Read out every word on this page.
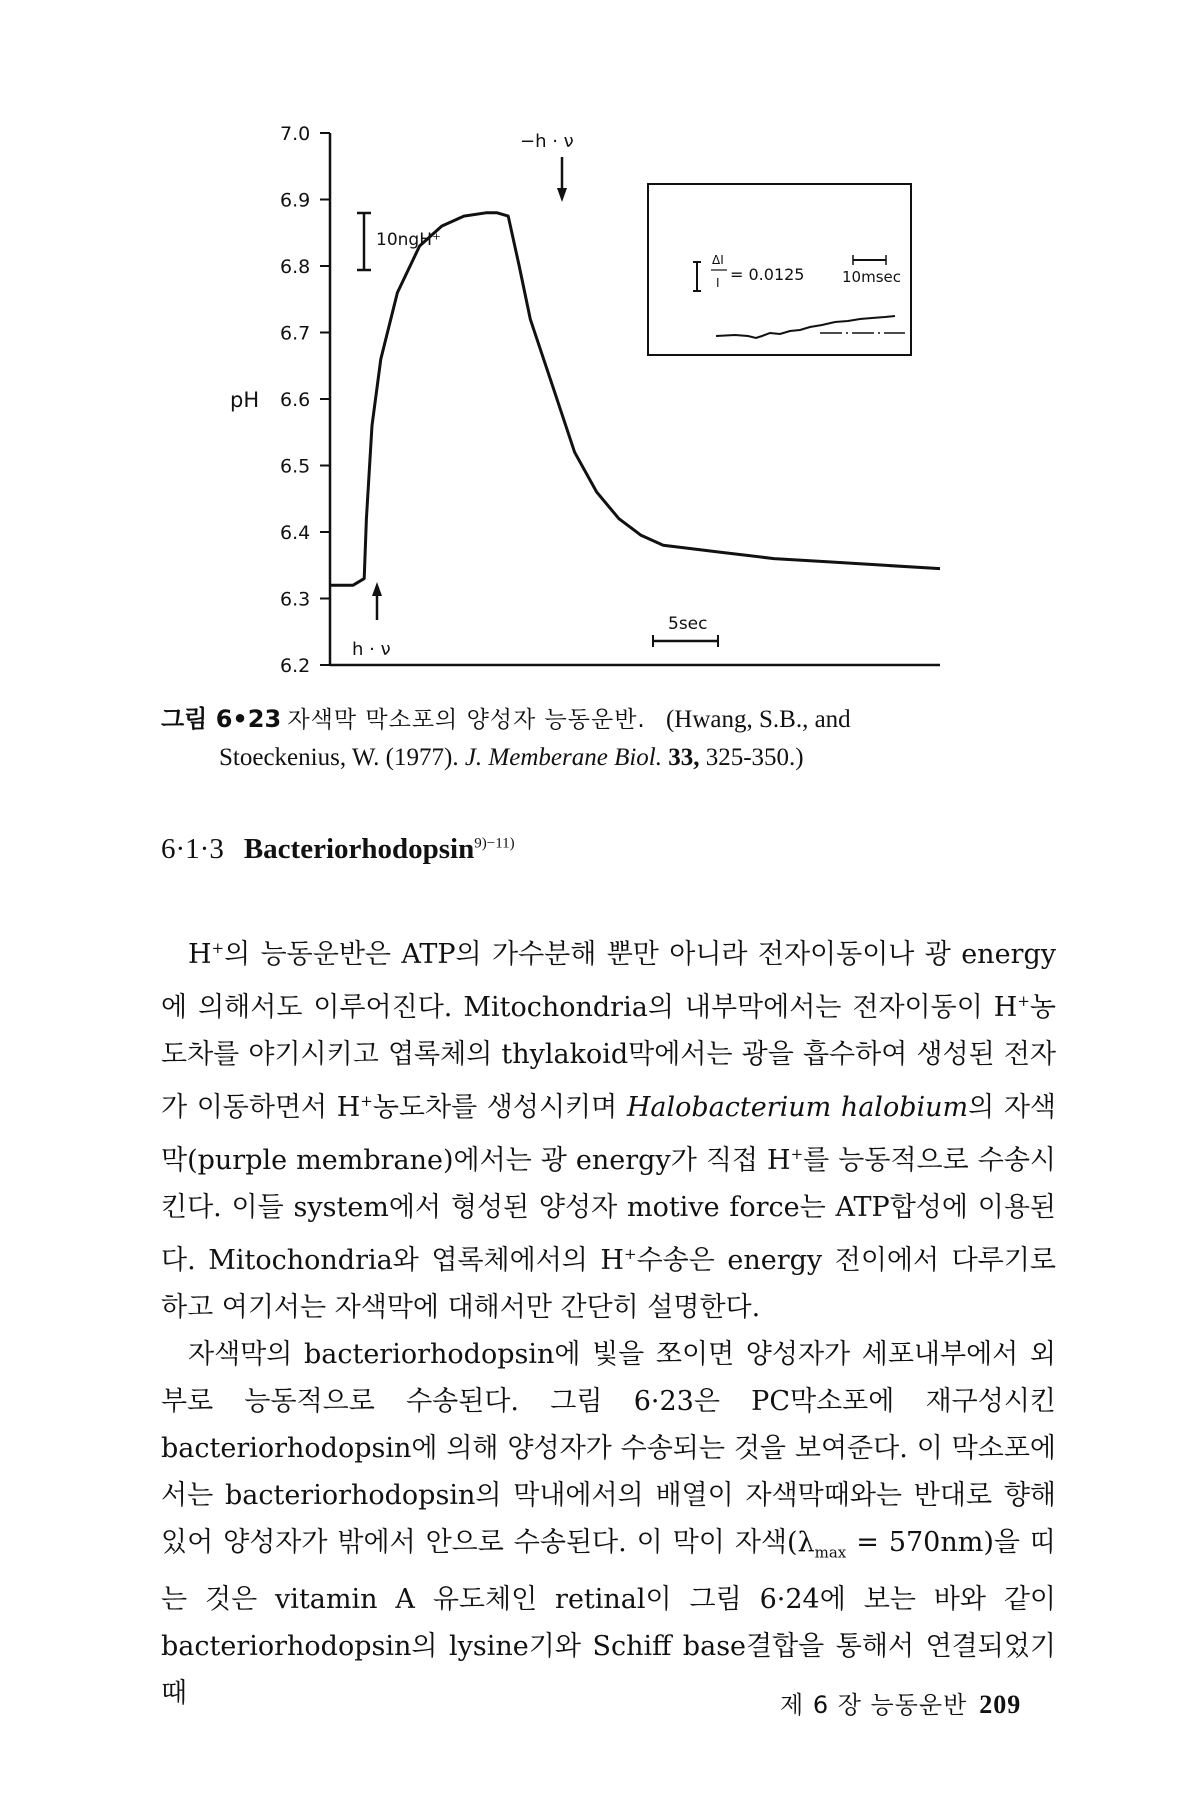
pH
7.0
6.9
6.8
6.7
6.6
6.5
6.4
6.3
6.2
10ngH⁺
h · ν
−h · ν
5sec
ΔI
I = 0.0125	10msec
그림 6•23 자색막 막소포의 양성자 능동운반. (Hwang, S.B., and
Stoeckenius, W. (1977). J. Memberane Biol. 33, 325-350.)
6·1·3 Bacteriorhodopsin$^{9)-11)}$

H+의 능동운반은 ATP의 가수분해 뿐만 아니라 전자이동이나 광 energy에 의해서도 이루어진다. Mitochondria의 내부막에서는 전자이동이 H+농도차를 야기시키고 엽록체의 thylakoid막에서는 광을 흡수하여 생성된 전자가 이동하면서 H+농도차를 생성시키며 Halobacterium halobium의 자색막(purple membrane)에서는 광 energy가 직접 H+를 능동적으로 수송시킨다. 이들 system에서 형성된 양성자 motive force는 ATP합성에 이용된다. Mitochondria와 엽록체에서의 H+수송은 energy 전이에서 다루기로 하고 여기서는 자색막에 대해서만 간단히 설명한다.

자색막의 bacteriorhodopsin에 빛을 쪼이면 양성자가 세포내부에서 외부로 능동적으로 수송된다. 그림 6·23은 PC막소포에 재구성시킨 bacteriorhodopsin에 의해 양성자가 수송되는 것을 보여준다. 이 막소포에서는 bacteriorhodopsin의 막내에서의 배열이 자색막때와는 반대로 향해 있어 양성자가 밖에서 안으로 수송된다. 이 막이 자색$(\lambda_{max} = 570nm)$을 띠는 것은 vitamin A 유도체인 retinal이 그림 6·24에 보는 바와 같이 bacteriorhodopsin의 lysine기와 Schiff base결합을 통해서 연결되었기 때	제 6 장 능동운반 209
